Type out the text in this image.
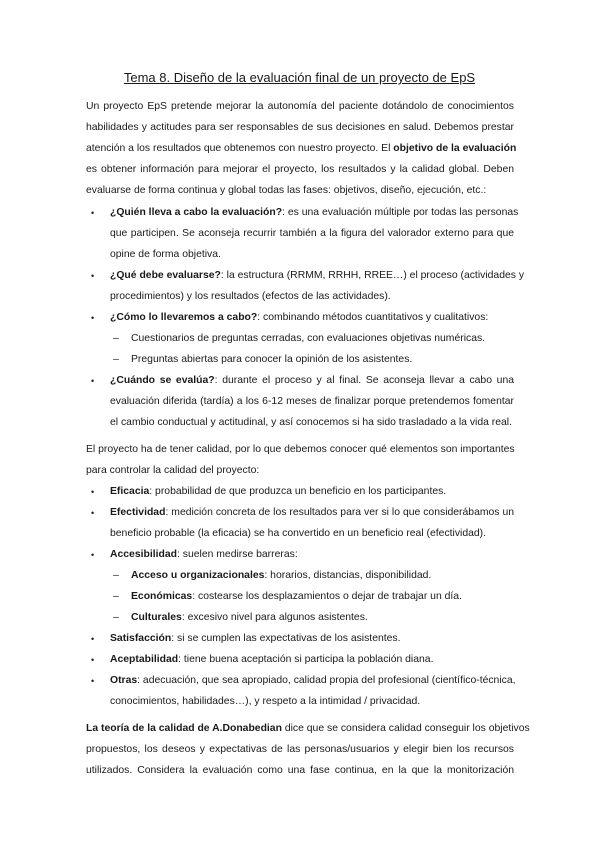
Tema 8. Diseño de la evaluación final de un proyecto de EpS
Un proyecto EpS pretende mejorar la autonomía del paciente dotándolo de conocimientos
habilidades y actitudes para ser responsables de sus decisiones en salud. Debemos prestar
atención a los resultados que obtenemos con nuestro proyecto. El objetivo de la evaluación
es obtener información para mejorar el proyecto, los resultados y la calidad global. Deben
evaluarse de forma continua y global todas las fases: objetivos, diseño, ejecución, etc.:
• ¿Quién lleva a cabo la evaluación?: es una evaluación múltiple por todas las personas
que participen. Se aconseja recurrir también a la figura del valorador externo para que
opine de forma objetiva.
• ¿Qué debe evaluarse?: la estructura (RRMM, RRHH, RREE…) el proceso (actividades y
procedimientos) y los resultados (efectos de las actividades).
• ¿Cómo lo llevaremos a cabo?: combinando métodos cuantitativos y cualitativos:
– Cuestionarios de preguntas cerradas, con evaluaciones objetivas numéricas.
– Preguntas abiertas para conocer la opinión de los asistentes.
• ¿Cuándo se evalúa?: durante el proceso y al final. Se aconseja llevar a cabo una
evaluación diferida (tardía) a los 6-12 meses de finalizar porque pretendemos fomentar
el cambio conductual y actitudinal, y así conocemos si ha sido trasladado a la vida real.
El proyecto ha de tener calidad, por lo que debemos conocer qué elementos son importantes
para controlar la calidad del proyecto:
• Eficacia: probabilidad de que produzca un beneficio en los participantes.
• Efectividad: medición concreta de los resultados para ver si lo que considerábamos un
beneficio probable (la eficacia) se ha convertido en un beneficio real (efectividad).
• Accesibilidad: suelen medirse barreras:
– Acceso u organizacionales: horarios, distancias, disponibilidad.
– Económicas: costearse los desplazamientos o dejar de trabajar un día.
– Culturales: excesivo nivel para algunos asistentes.
• Satisfacción: si se cumplen las expectativas de los asistentes.
• Aceptabilidad: tiene buena aceptación si participa la población diana.
• Otras: adecuación, que sea apropiado, calidad propia del profesional (científico-técnica,
conocimientos, habilidades…), y respeto a la intimidad / privacidad.
La teoría de la calidad de A.Donabedian dice que se considera calidad conseguir los objetivos
propuestos, los deseos y expectativas de las personas/usuarios y elegir bien los recursos
utilizados. Considera la evaluación como una fase continua, en la que la monitorización
